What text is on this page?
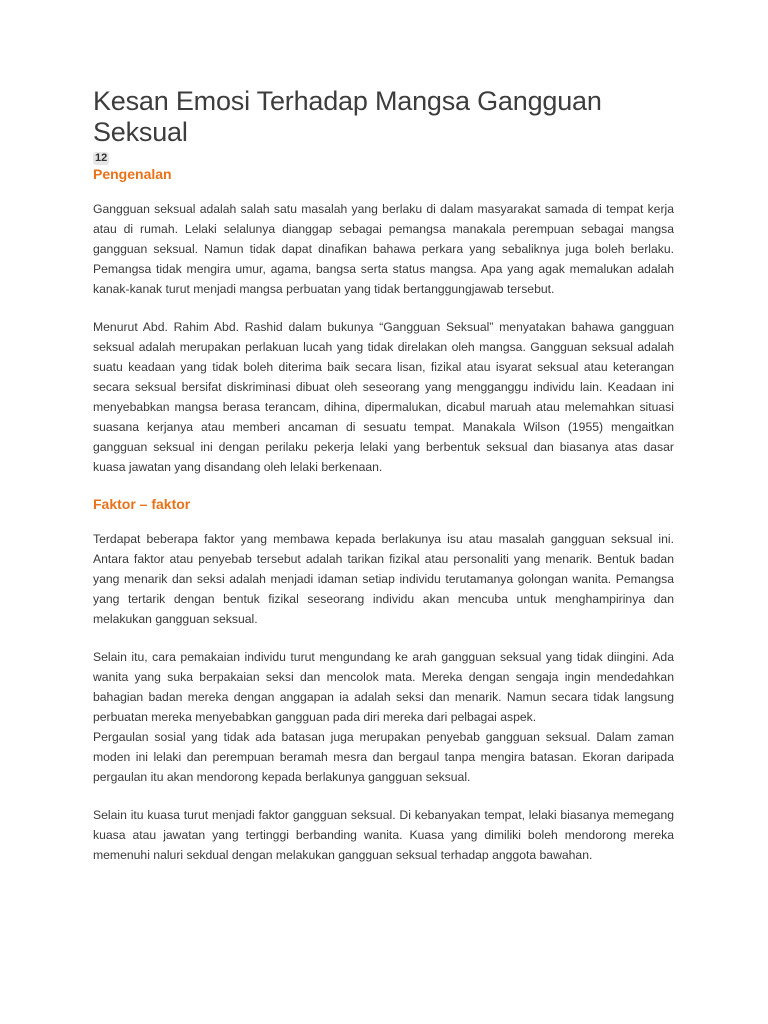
Kesan Emosi Terhadap Mangsa Gangguan Seksual
12
Pengenalan

Gangguan seksual adalah salah satu masalah yang berlaku di dalam masyarakat samada di tempat kerja atau di rumah. Lelaki selalunya dianggap sebagai pemangsa manakala perempuan sebagai mangsa gangguan seksual. Namun tidak dapat dinafikan bahawa perkara yang sebaliknya juga boleh berlaku. Pemangsa tidak mengira umur, agama, bangsa serta status mangsa. Apa yang agak memalukan adalah kanak-kanak turut menjadi mangsa perbuatan yang tidak bertanggungjawab tersebut.

Menurut Abd. Rahim Abd. Rashid dalam bukunya “Gangguan Seksual” menyatakan bahawa gangguan seksual adalah merupakan perlakuan lucah yang tidak direlakan oleh mangsa. Gangguan seksual adalah suatu keadaan yang tidak boleh diterima baik secara lisan, fizikal atau isyarat seksual atau keterangan secara seksual bersifat diskriminasi dibuat oleh seseorang yang mengganggu individu lain. Keadaan ini menyebabkan mangsa berasa terancam, dihina, dipermalukan, dicabul maruah atau melemahkan situasi suasana kerjanya atau memberi ancaman di sesuatu tempat. Manakala Wilson (1955) mengaitkan gangguan seksual ini dengan perilaku pekerja lelaki yang berbentuk seksual dan biasanya atas dasar kuasa jawatan yang disandang oleh lelaki berkenaan.

Faktor – faktor

Terdapat beberapa faktor yang membawa kepada berlakunya isu atau masalah gangguan seksual ini. Antara faktor atau penyebab tersebut adalah tarikan fizikal atau personaliti yang menarik. Bentuk badan yang menarik dan seksi adalah menjadi idaman setiap individu terutamanya golongan wanita. Pemangsa yang tertarik dengan bentuk fizikal seseorang individu akan mencuba untuk menghampirinya dan melakukan gangguan seksual.

Selain itu, cara pemakaian individu turut mengundang ke arah gangguan seksual yang tidak diingini. Ada wanita yang suka berpakaian seksi dan mencolok mata. Mereka dengan sengaja ingin mendedahkan bahagian badan mereka dengan anggapan ia adalah seksi dan menarik. Namun secara tidak langsung perbuatan mereka menyebabkan gangguan pada diri mereka dari pelbagai aspek.

Pergaulan sosial yang tidak ada batasan juga merupakan penyebab gangguan seksual. Dalam zaman moden ini lelaki dan perempuan beramah mesra dan bergaul tanpa mengira batasan. Ekoran daripada pergaulan itu akan mendorong kepada berlakunya gangguan seksual.

Selain itu kuasa turut menjadi faktor gangguan seksual. Di kebanyakan tempat, lelaki biasanya memegang kuasa atau jawatan yang tertinggi berbanding wanita. Kuasa yang dimiliki boleh mendorong mereka memenuhi naluri sekdual dengan melakukan gangguan seksual terhadap anggota bawahan.
